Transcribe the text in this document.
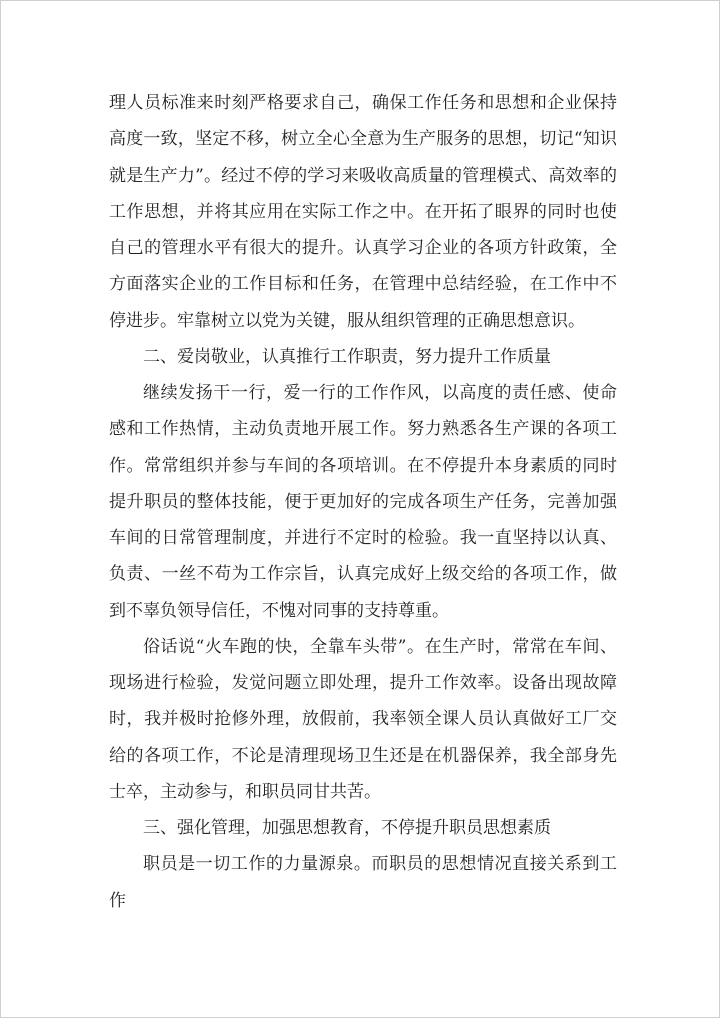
理人员标准来时刻严格要求自己，确保工作任务和思想和企业保持高度一致，坚定不移，树立全心全意为生产服务的思想，切记“知识就是生产力”。经过不停的学习来吸收高质量的管理模式、高效率的工作思想，并将其应用在实际工作之中。在开拓了眼界的同时也使自己的管理水平有很大的提升。认真学习企业的各项方针政策，全方面落实企业的工作目标和任务，在管理中总结经验，在工作中不停进步。牢靠树立以党为关键，服从组织管理的正确思想意识。

二、爱岗敬业，认真推行工作职责，努力提升工作质量

继续发扬干一行，爱一行的工作作风，以高度的责任感、使命感和工作热情，主动负责地开展工作。努力熟悉各生产课的各项工作。常常组织并参与车间的各项培训。在不停提升本身素质的同时提升职员的整体技能，便于更加好的完成各项生产任务，完善加强车间的日常管理制度，并进行不定时的检验。我一直坚持以认真、负责、一丝不苟为工作宗旨，认真完成好上级交给的各项工作，做到不辜负领导信任，不愧对同事的支持尊重。

俗话说“火车跑的快，全靠车头带”。在生产时，常常在车间、现场进行检验，发觉问题立即处理，提升工作效率。设备出现故障时，我并极时抢修外理，放假前，我率领全课人员认真做好工厂交给的各项工作，不论是清理现场卫生还是在机器保养，我全部身先士卒，主动参与，和职员同甘共苦。

三、强化管理，加强思想教育，不停提升职员思想素质

职员是一切工作的力量源泉。而职员的思想情况直接关系到工作
